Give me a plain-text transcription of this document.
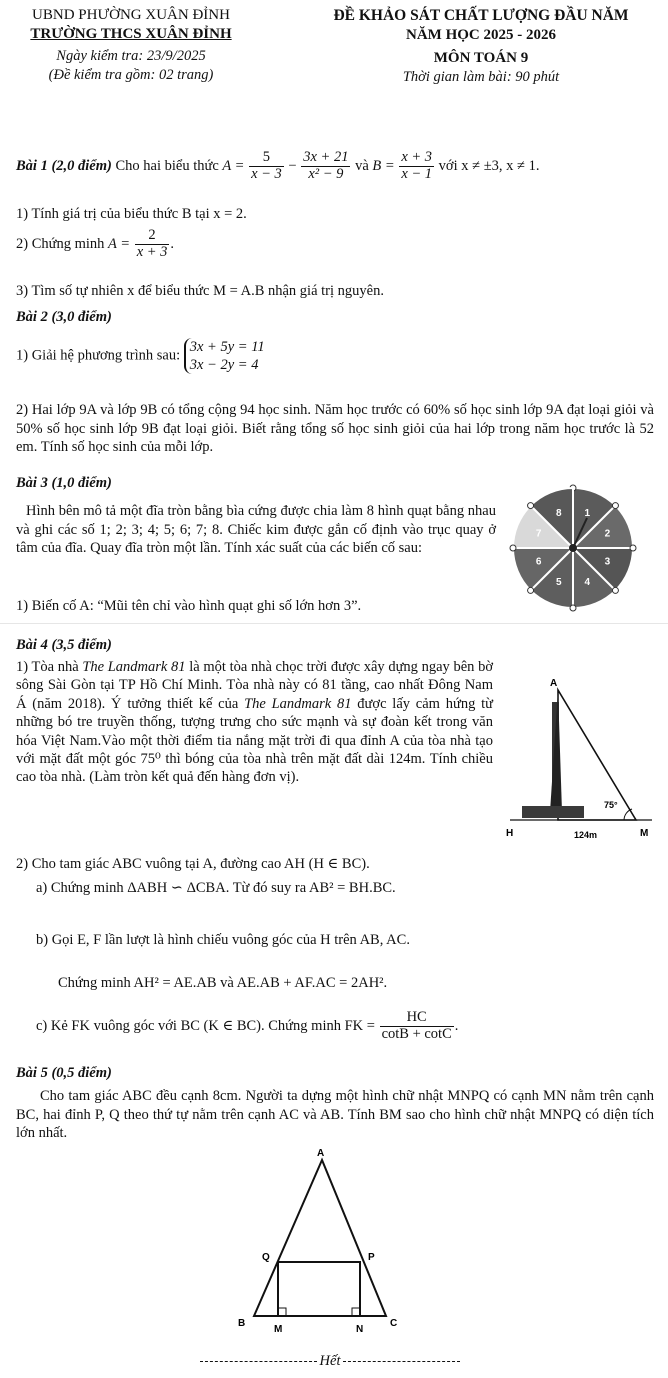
UBND PHƯỜNG XUÂN ĐỈNH
TRƯỜNG THCS XUÂN ĐỈNH
Ngày kiểm tra: 23/9/2025
(Đề kiểm tra gồm: 02 trang)
ĐỀ KHẢO SÁT CHẤT LƯỢNG ĐẦU NĂM
NĂM HỌC 2025 - 2026
MÔN TOÁN 9
Thời gian làm bài: 90 phút
Bài 1 (2,0 điểm) Cho hai biểu thức $A = \frac{5}{x - 3} - \frac{3x + 21}{\text{x² − 9}}$ và $B = \frac{x + 3}{x - 1}$ với x ≠ ±3, x ≠ 1.
1) Tính giá trị của biểu thức B tại x = 2.
2) Chứng minh $A = \frac{2}{x + 3}$ .
3) Tìm số tự nhiên x để biểu thức M = A.B nhận giá trị nguyên.
Bài 2 (3,0 điểm)
1) Giải hệ phương trình sau:
3x + 5y = 11
3x − 2y = 4
2) Hai lớp 9A và lớp 9B có tổng cộng 94 học sinh. Năm học trước có 60% số học sinh lớp 9A đạt loại giỏi và 50% số học sinh lớp 9B đạt loại giỏi. Biết rằng tổng số học sinh giỏi của hai lớp trong năm học trước là 52 em. Tính số học sinh của mỗi lớp.
Bài 3 (1,0 điểm)
Hình bên mô tả một đĩa tròn bằng bìa cứng được chia làm 8 hình quạt bằng nhau và ghi các số 1; 2; 3; 4; 5; 6; 7; 8. Chiếc kim được gắn cố định vào trục quay ở tâm của đĩa. Quay đĩa tròn một lần. Tính xác suất của các biến cố sau:
1) Biến cố A: “Mũi tên chỉ vào hình quạt ghi số lớn hơn 3”.
1
2
3
4
5
6
7
8
Bài 4 (3,5 điểm)
1) Tòa nhà The Landmark 81 là một tòa nhà chọc trời được xây dựng ngay bên bờ sông Sài Gòn tại TP Hồ Chí Minh. Tòa nhà này có 81 tầng, cao nhất Đông Nam Á (năm 2018). Ý tưởng thiết kế của The Landmark 81 được lấy cảm hứng từ những bó tre truyền thống, tượng trưng cho sức mạnh và sự đoàn kết trong văn hóa Việt Nam.Vào một thời điểm tia nắng mặt trời đi qua đỉnh A của tòa nhà tạo với mặt đất một góc 75⁰ thì bóng của tòa nhà trên mặt đất dài 124m. Tính chiều cao tòa nhà. (Làm tròn kết quả đến hàng đơn vị).
A
H	M
75°
124m
2) Cho tam giác ABC vuông tại A, đường cao AH (H ∈ BC).
a) Chứng minh ΔABH ∽ ΔCBA. Từ đó suy ra AB² = BH.BC.
b) Gọi E, F lần lượt là hình chiếu vuông góc của H trên AB, AC.
Chứng minh AH² = AE.AB và AE.AB + AF.AC = 2AH².
c) Kẻ FK vuông góc với BC (K ∈ BC). Chứng minh FK = $\frac{HC}{\cot B + \cot C}$ .
Bài 5 (0,5 điểm)
Cho tam giác ABC đều cạnh 8cm. Người ta dựng một hình chữ nhật MNPQ có cạnh MN nằm trên cạnh BC, hai đỉnh P, Q theo thứ tự nằm trên cạnh AC và AB. Tính BM sao cho hình chữ nhật MNPQ có diện tích lớn nhất.
A
Q	P
B
M	N
C
Hết
